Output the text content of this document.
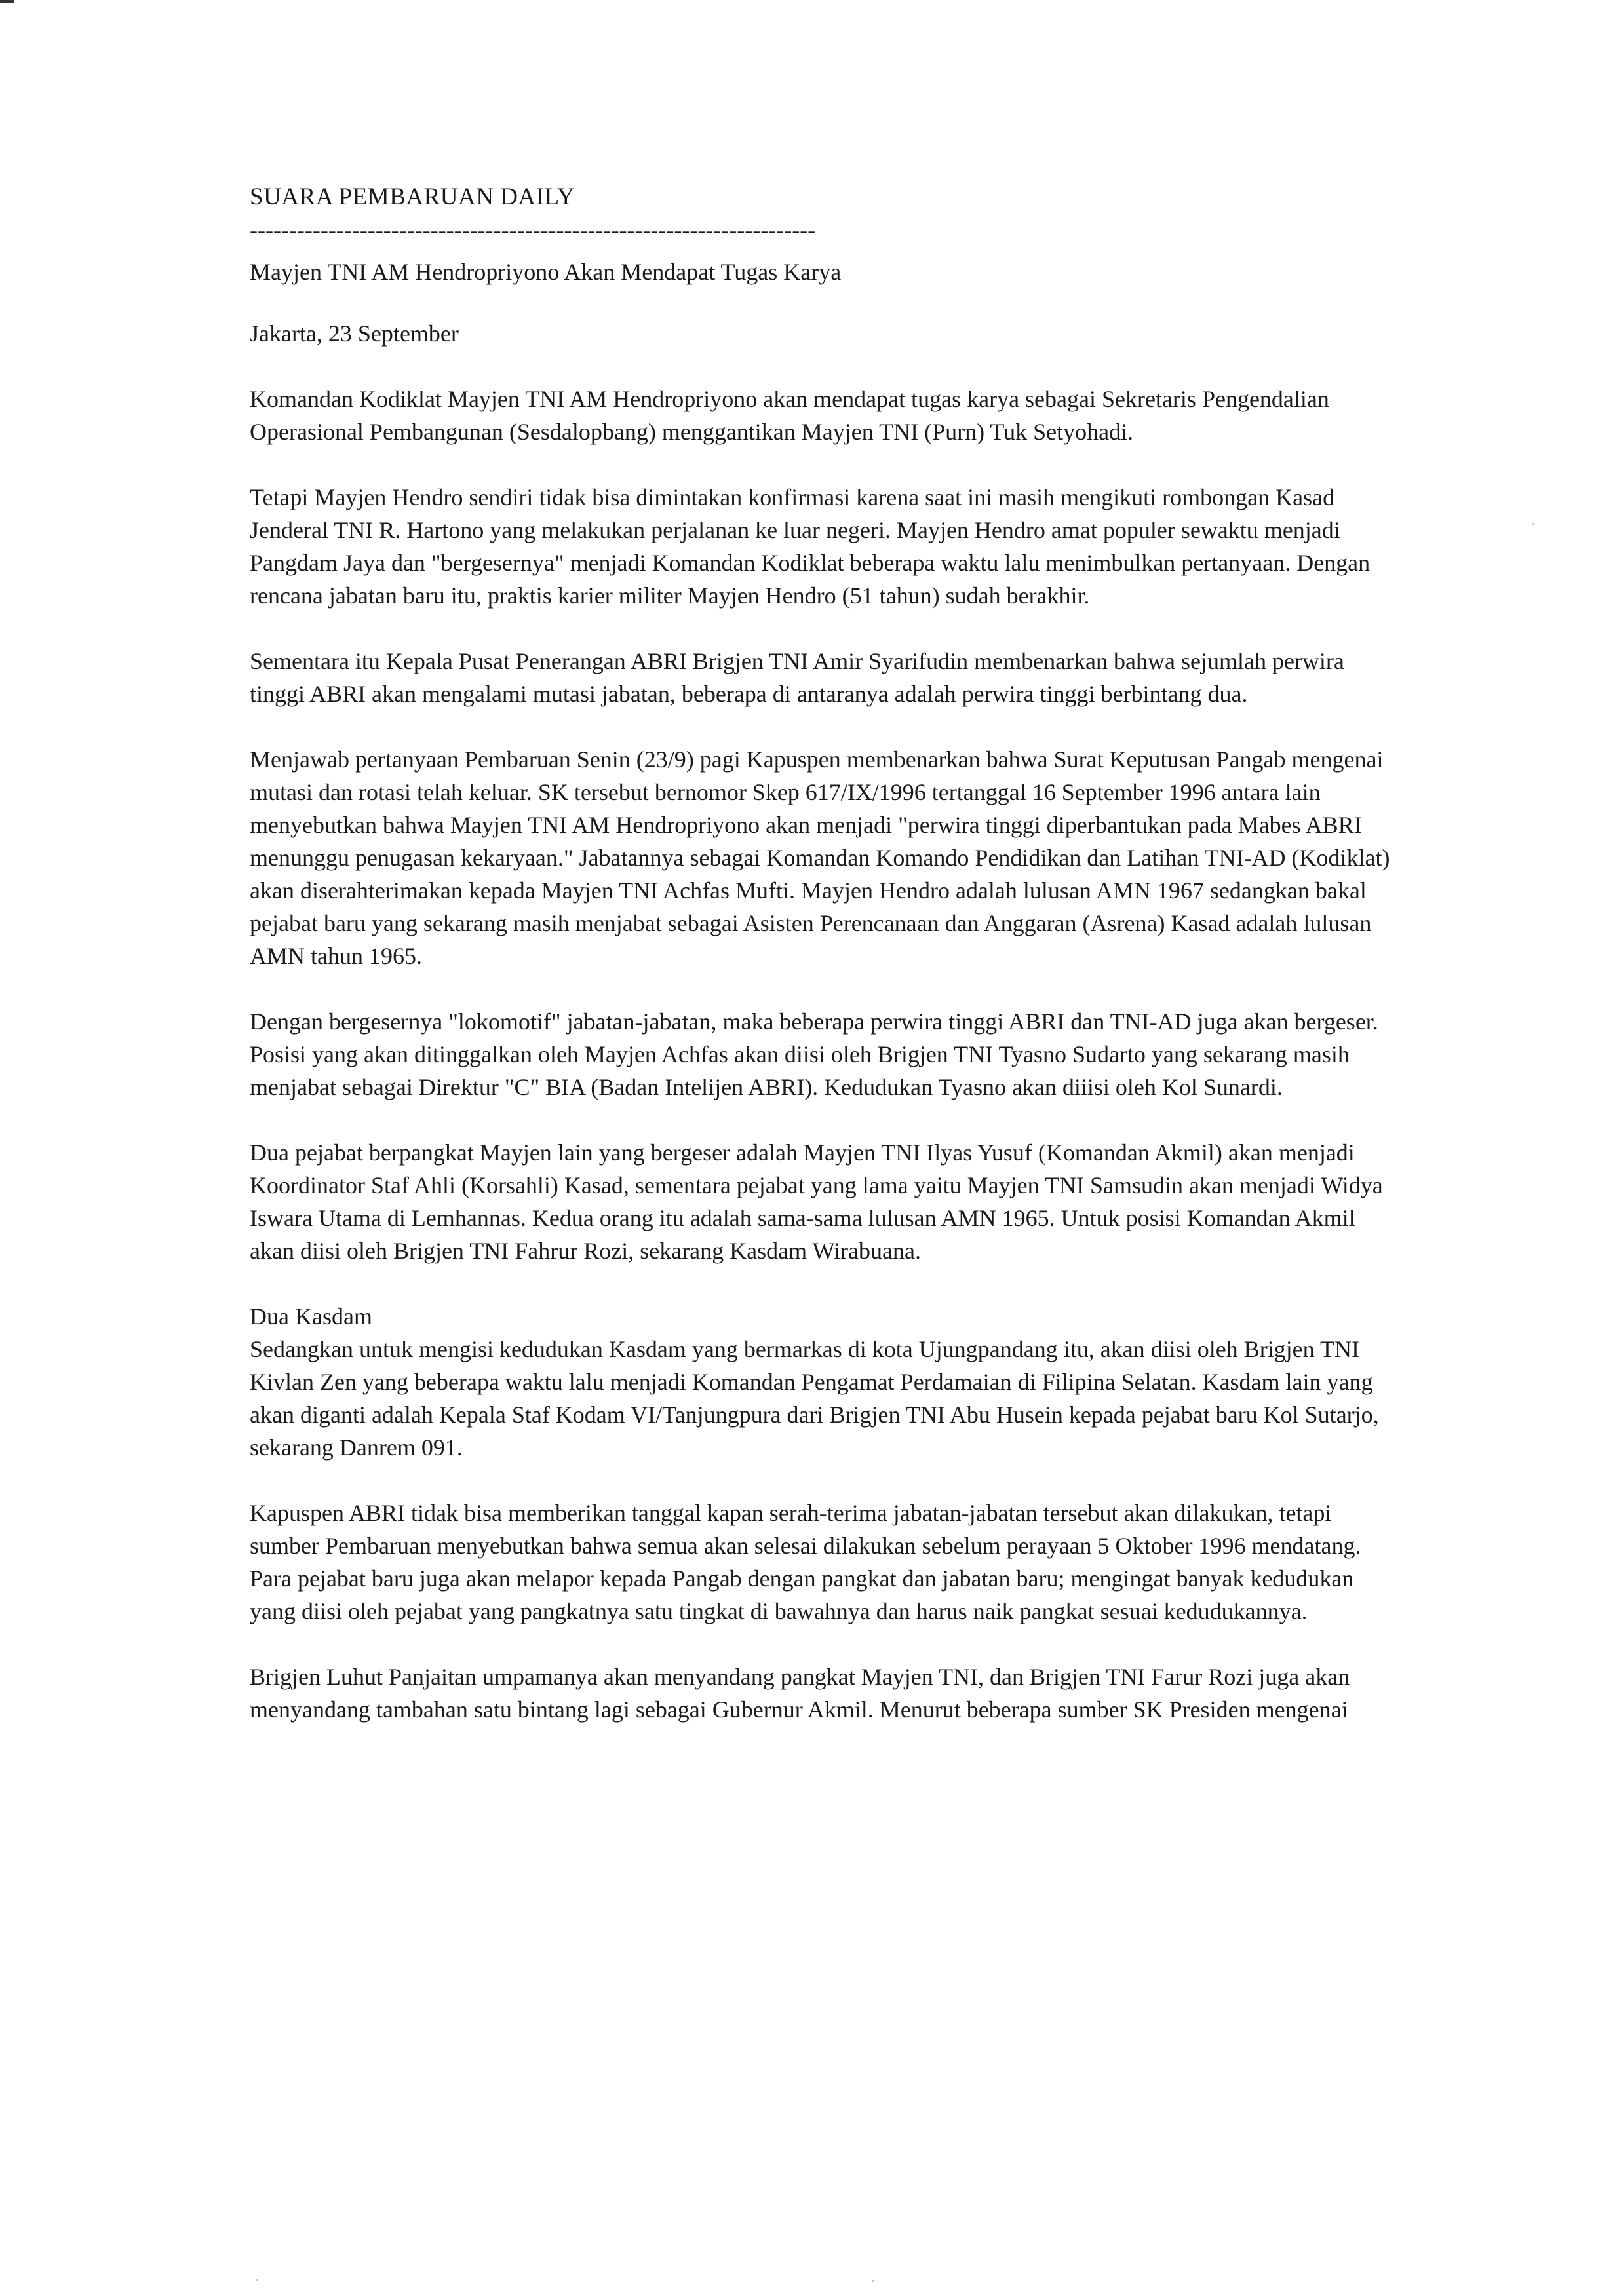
SUARA PEMBARUAN DAILY

------------------------------------------------------------------------

Mayjen TNI AM Hendropriyono Akan Mendapat Tugas Karya

Jakarta, 23 September

Komandan Kodiklat Mayjen TNI AM Hendropriyono akan mendapat tugas karya sebagai Sekretaris Pengendalian Operasional Pembangunan (Sesdalopbang) menggantikan Mayjen TNI (Purn) Tuk Setyohadi.

Tetapi Mayjen Hendro sendiri tidak bisa dimintakan konfirmasi karena saat ini masih mengikuti rombongan Kasad Jenderal TNI R. Hartono yang melakukan perjalanan ke luar negeri. Mayjen Hendro amat populer sewaktu menjadi Pangdam Jaya dan "bergesernya" menjadi Komandan Kodiklat beberapa waktu lalu menimbulkan pertanyaan. Dengan rencana jabatan baru itu, praktis karier militer Mayjen Hendro (51 tahun) sudah berakhir.

Sementara itu Kepala Pusat Penerangan ABRI Brigjen TNI Amir Syarifudin membenarkan bahwa sejumlah perwira tinggi ABRI akan mengalami mutasi jabatan, beberapa di antaranya adalah perwira tinggi berbintang dua.

Menjawab pertanyaan Pembaruan Senin (23/9) pagi Kapuspen membenarkan bahwa Surat Keputusan Pangab mengenai mutasi dan rotasi telah keluar. SK tersebut bernomor Skep 617/IX/1996 tertanggal 16 September 1996 antara lain menyebutkan bahwa Mayjen TNI AM Hendropriyono akan menjadi "perwira tinggi diperbantukan pada Mabes ABRI menunggu penugasan kekaryaan." Jabatannya sebagai Komandan Komando Pendidikan dan Latihan TNI-AD (Kodiklat) akan diserahterimakan kepada Mayjen TNI Achfas Mufti. Mayjen Hendro adalah lulusan AMN 1967 sedangkan bakal pejabat baru yang sekarang masih menjabat sebagai Asisten Perencanaan dan Anggaran (Asrena) Kasad adalah lulusan AMN tahun 1965.

Dengan bergesernya "lokomotif" jabatan-jabatan, maka beberapa perwira tinggi ABRI dan TNI-AD juga akan bergeser. Posisi yang akan ditinggalkan oleh Mayjen Achfas akan diisi oleh Brigjen TNI Tyasno Sudarto yang sekarang masih menjabat sebagai Direktur "C" BIA (Badan Intelijen ABRI). Kedudukan Tyasno akan diiisi oleh Kol Sunardi.

Dua pejabat berpangkat Mayjen lain yang bergeser adalah Mayjen TNI Ilyas Yusuf (Komandan Akmil) akan menjadi Koordinator Staf Ahli (Korsahli) Kasad, sementara pejabat yang lama yaitu Mayjen TNI Samsudin akan menjadi Widya Iswara Utama di Lemhannas. Kedua orang itu adalah sama-sama lulusan AMN 1965. Untuk posisi Komandan Akmil akan diisi oleh Brigjen TNI Fahrur Rozi, sekarang Kasdam Wirabuana.

Dua Kasdam

Sedangkan untuk mengisi kedudukan Kasdam yang bermarkas di kota Ujungpandang itu, akan diisi oleh Brigjen TNI Kivlan Zen yang beberapa waktu lalu menjadi Komandan Pengamat Perdamaian di Filipina Selatan. Kasdam lain yang akan diganti adalah Kepala Staf Kodam VI/Tanjungpura dari Brigjen TNI Abu Husein kepada pejabat baru Kol Sutarjo, sekarang Danrem 091.

Kapuspen ABRI tidak bisa memberikan tanggal kapan serah-terima jabatan-jabatan tersebut akan dilakukan, tetapi sumber Pembaruan menyebutkan bahwa semua akan selesai dilakukan sebelum perayaan 5 Oktober 1996 mendatang. Para pejabat baru juga akan melapor kepada Pangab dengan pangkat dan jabatan baru; mengingat banyak kedudukan yang diisi oleh pejabat yang pangkatnya satu tingkat di bawahnya dan harus naik pangkat sesuai kedudukannya.

Brigjen Luhut Panjaitan umpamanya akan menyandang pangkat Mayjen TNI, dan Brigjen TNI Farur Rozi juga akan menyandang tambahan satu bintang lagi sebagai Gubernur Akmil. Menurut beberapa sumber SK Presiden mengenai
